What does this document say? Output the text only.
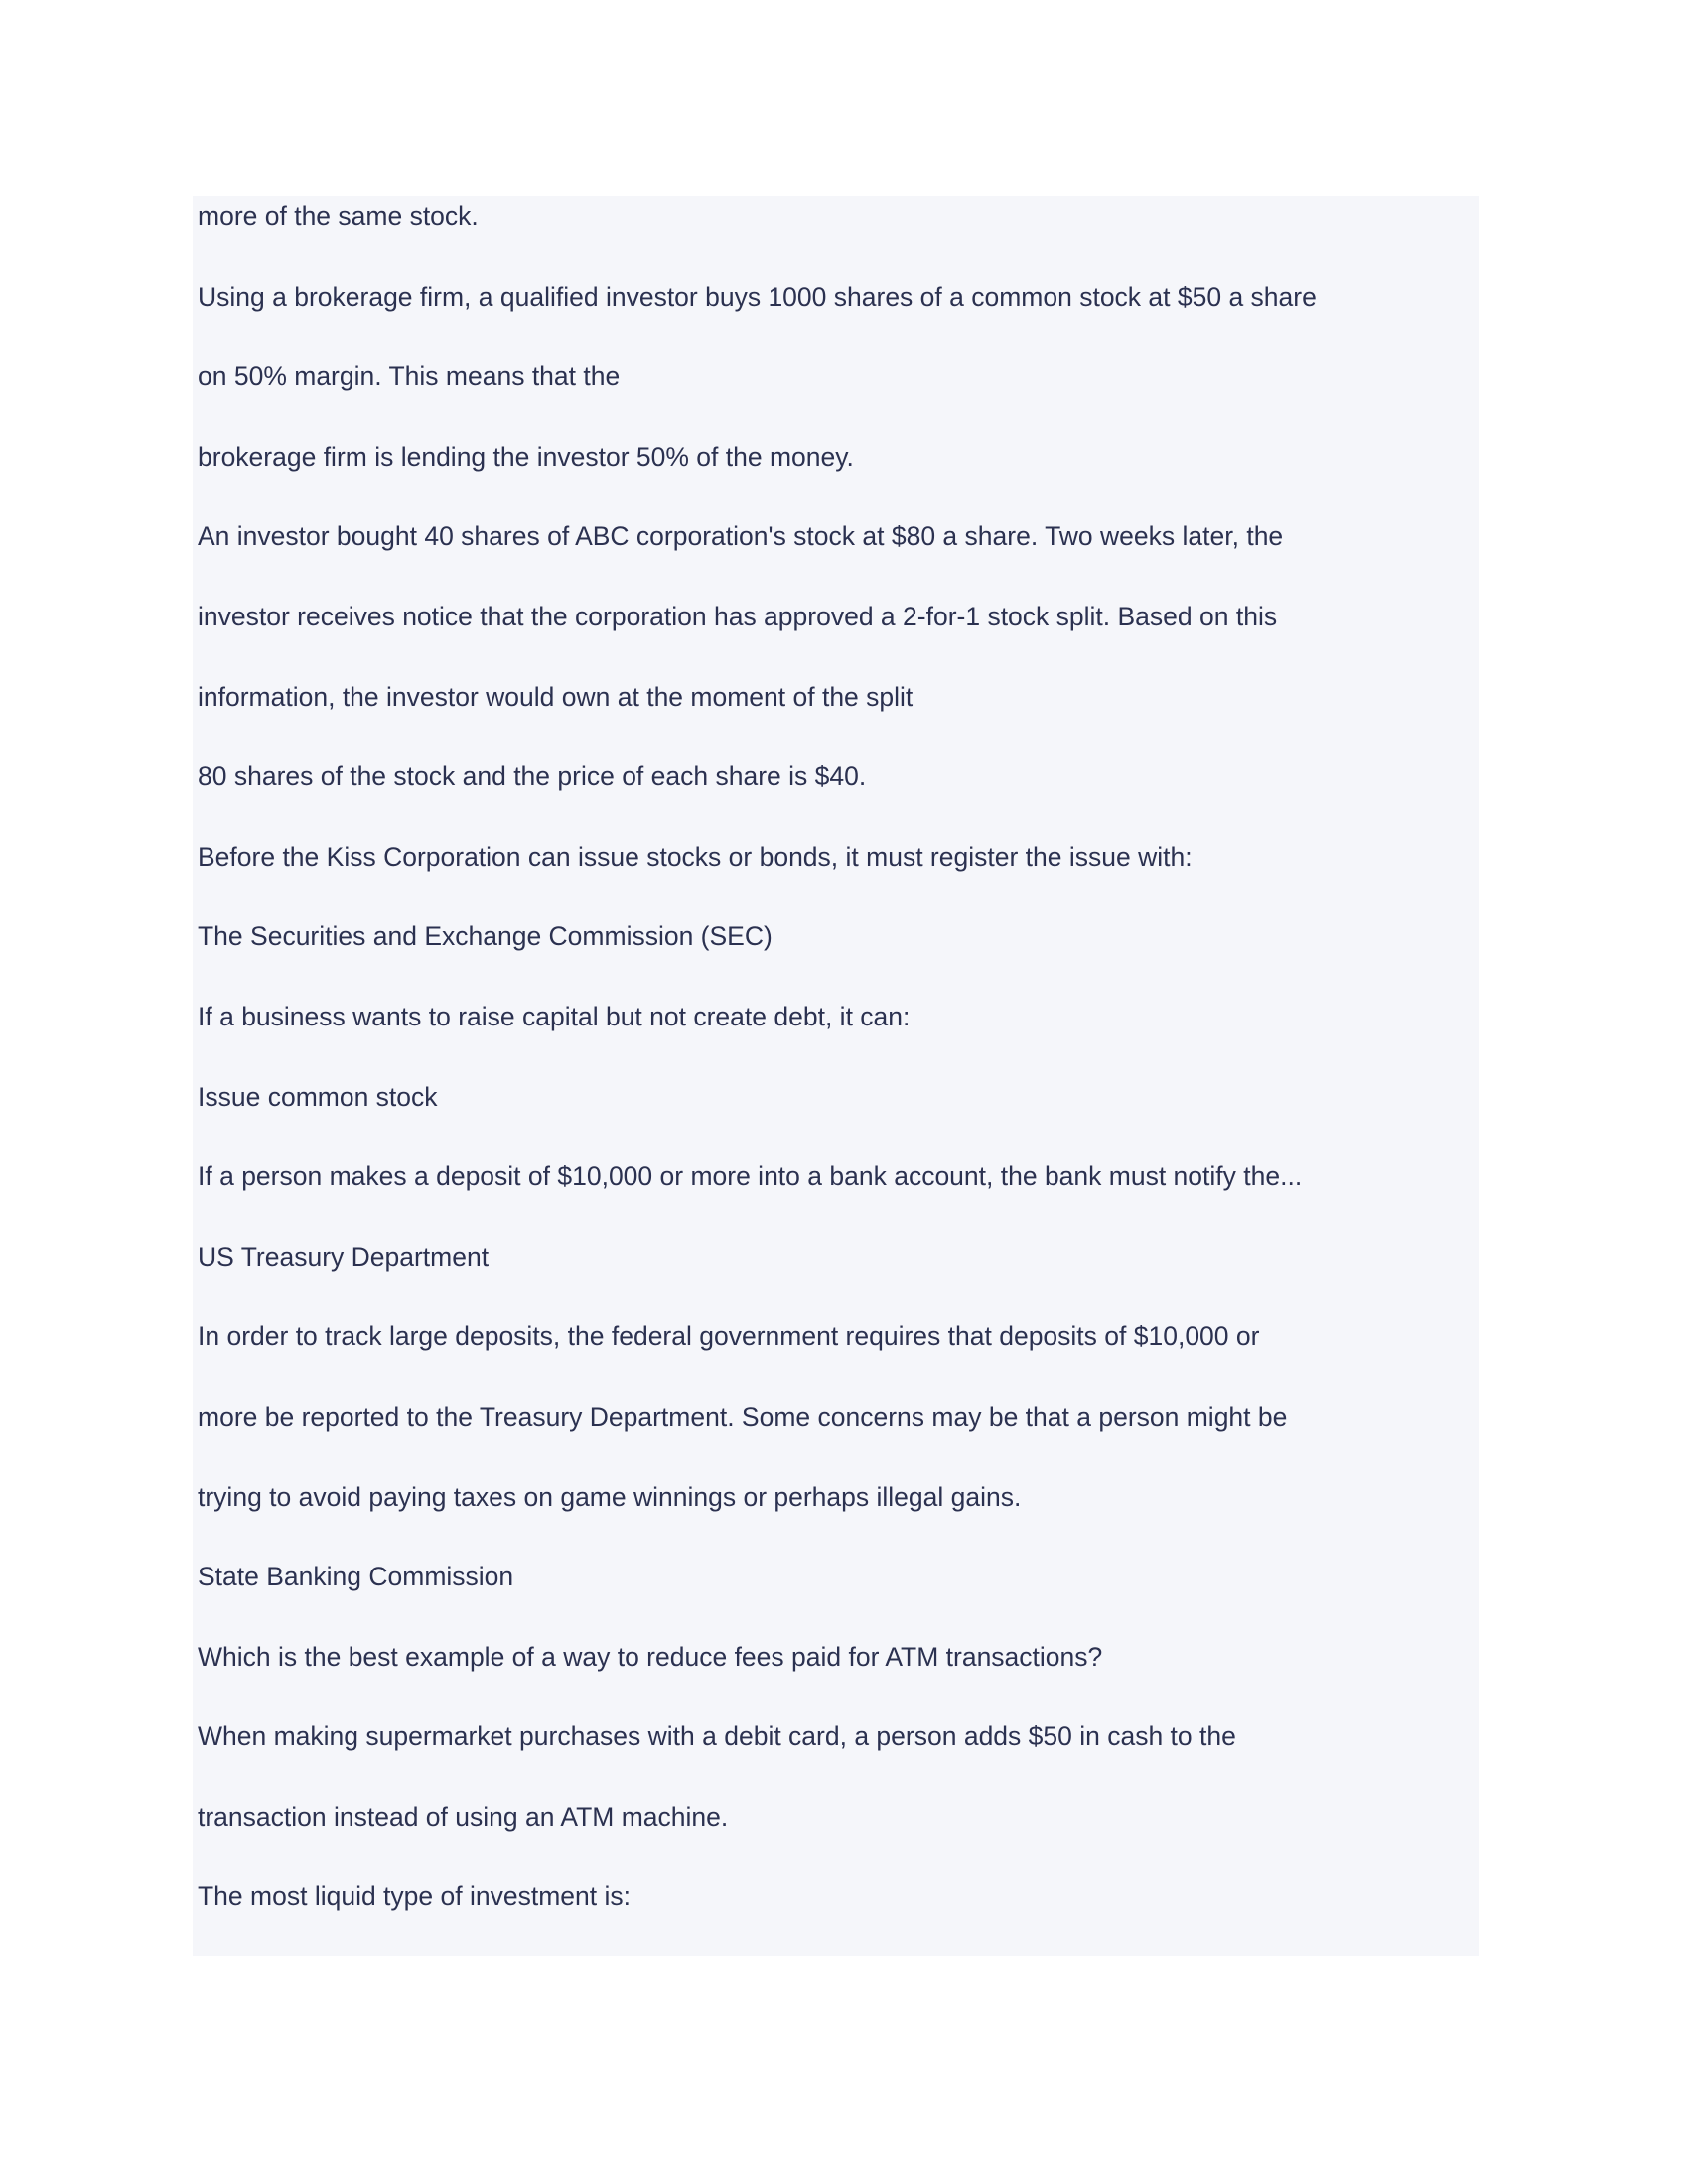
more of the same stock.
Using a brokerage firm, a qualified investor buys 1000 shares of a common stock at $50 a share
on 50% margin. This means that the
brokerage firm is lending the investor 50% of the money.
An investor bought 40 shares of ABC corporation's stock at $80 a share. Two weeks later, the
investor receives notice that the corporation has approved a 2-for-1 stock split. Based on this
information, the investor would own at the moment of the split
80 shares of the stock and the price of each share is $40.
Before the Kiss Corporation can issue stocks or bonds, it must register the issue with:
The Securities and Exchange Commission (SEC)
If a business wants to raise capital but not create debt, it can:
Issue common stock
If a person makes a deposit of $10,000 or more into a bank account, the bank must notify the...
US Treasury Department
In order to track large deposits, the federal government requires that deposits of $10,000 or
more be reported to the Treasury Department. Some concerns may be that a person might be
trying to avoid paying taxes on game winnings or perhaps illegal gains.
State Banking Commission
Which is the best example of a way to reduce fees paid for ATM transactions?
When making supermarket purchases with a debit card, a person adds $50 in cash to the
transaction instead of using an ATM machine.
The most liquid type of investment is:
